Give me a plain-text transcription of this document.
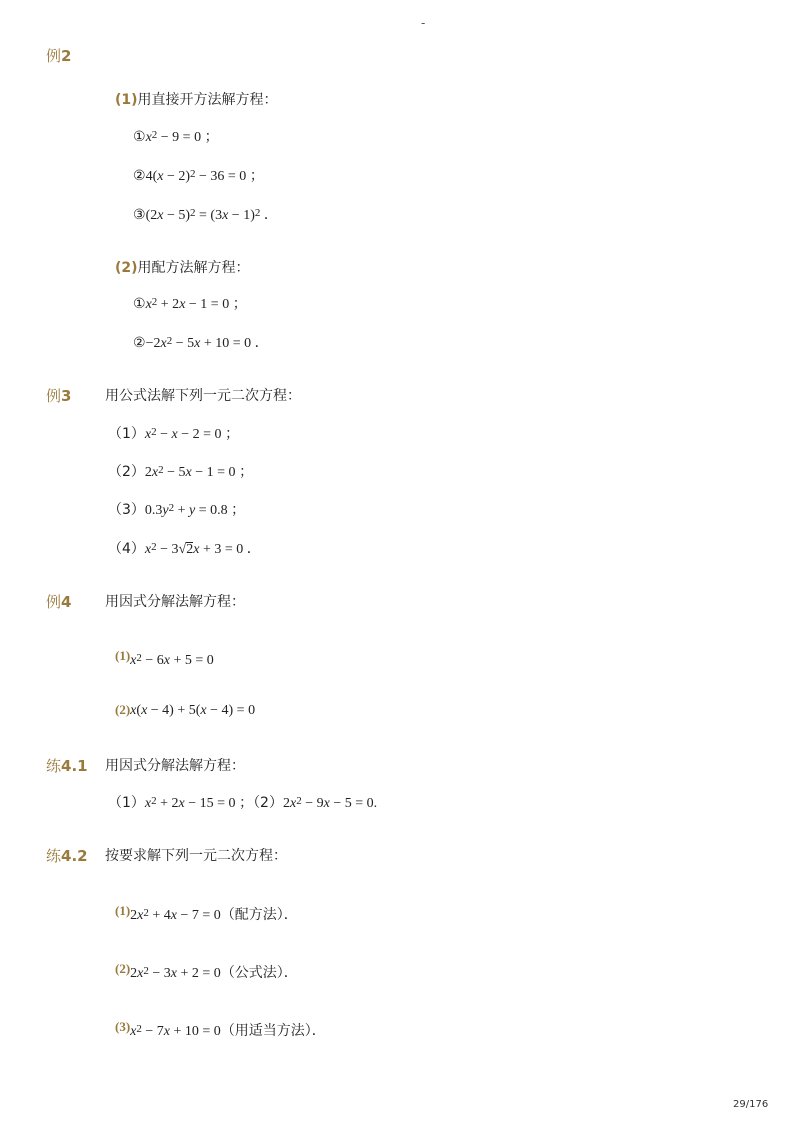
-
例2
(1)用直接开方法解方程：
$①x^2 - 9 = 0$ ；
②4(x − 2)$^2$ − 36 = 0 ；
③(2x − $5)^2 = (3x - 1)^2$ ．
(2)用配方法解方程：
$①x^2 + 2x - 1 = 0$ ；
$②-2x^2 - 5x + 10 = 0$ ．
例3 用公式法解下列一元二次方程：
$(1)x^2 - x - 2 = 0$ ；
$(2)2x^2 - 5x - 1 = 0$ ；
$(3)0.3y^2 + y = 0.8$ ；
$(4)x^2 - 3√2x + 3 = 0$ ．
例4 用因式分解法解方程：
$(1)x^2 - 6x + 5 = 0$
(2)x(x − 4) + 5(x − 4) = 0
练4.1 用因式分解法解方程：
$(1)x^2 + 2x - 15 = 0$ ；$(2)2x^2 - 9x - 5 = 0$.
练4.2 按要求解下列一元二次方程：
$(1)2x^2 + 4x - 7 = 0$（配方法）．
$(2)2x^2 - 3x + 2 = 0$（公式法）．
$(3)x^2 - 7x + 10 = 0$（用适当方法）．
29/176
